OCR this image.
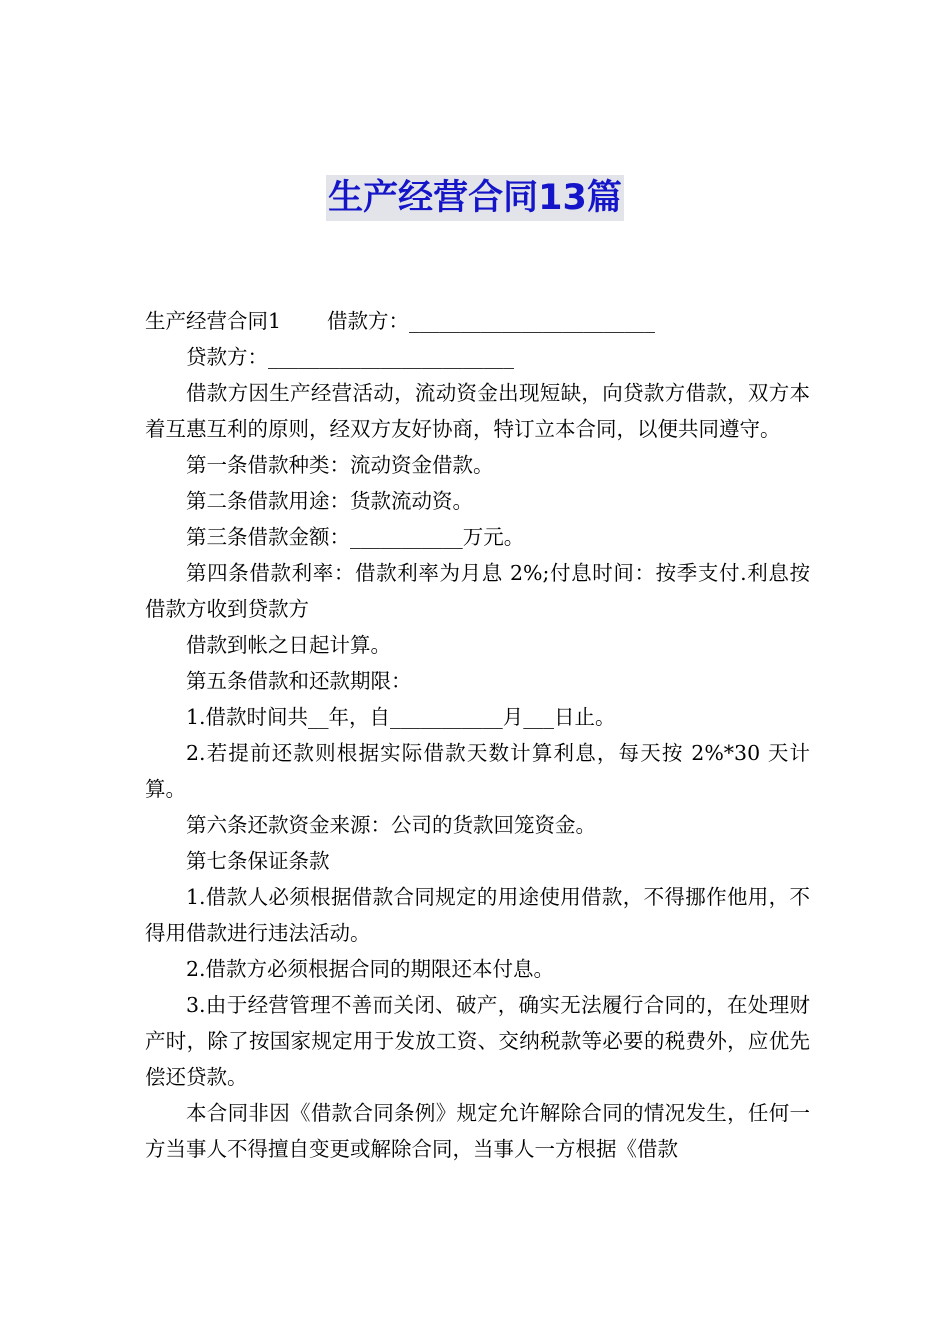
生产经营合同13篇

生产经营合同1 借款方：________________________

贷款方：________________________

借款方因生产经营活动，流动资金出现短缺，向贷款方借款，双方本着互惠互利的原则，经双方友好协商，特订立本合同，以便共同遵守。

第一条借款种类：流动资金借款。

第二条借款用途：货款流动资。

第三条借款金额：___________万元。

第四条借款利率：借款利率为月息 2%;付息时间：按季支付.利息按借款方收到贷款方

借款到帐之日起计算。

第五条借款和还款期限：

1.借款时间共__年，自___________月___日止。

2.若提前还款则根据实际借款天数计算利息，每天按 2%*30 天计算。

第六条还款资金来源：公司的货款回笼资金。

第七条保证条款

1.借款人必须根据借款合同规定的用途使用借款，不得挪作他用，不得用借款进行违法活动。

2.借款方必须根据合同的期限还本付息。

3.由于经营管理不善而关闭、破产，确实无法履行合同的，在处理财产时，除了按国家规定用于发放工资、交纳税款等必要的税费外，应优先偿还贷款。

本合同非因《借款合同条例》规定允许解除合同的情况发生，任何一方当事人不得擅自变更或解除合同，当事人一方根据《借款
